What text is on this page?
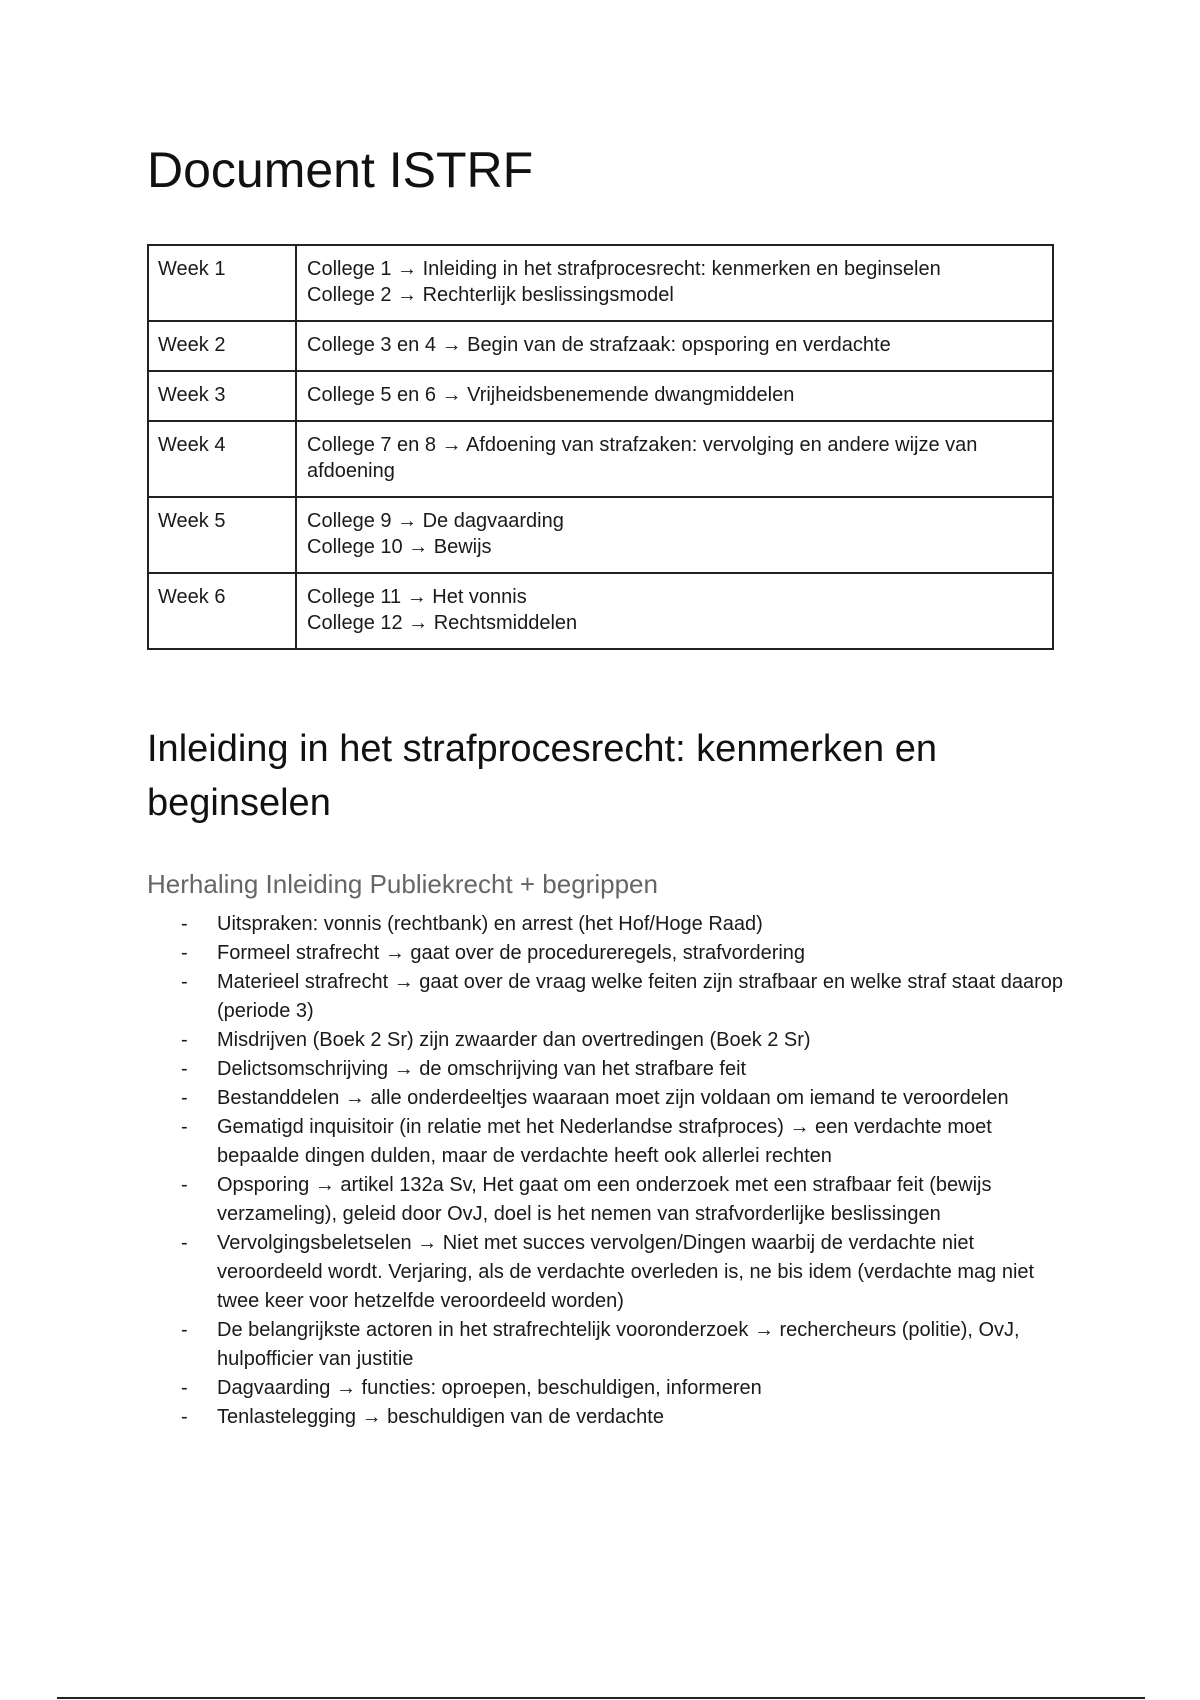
Document ISTRF
Week 1	College 1 → Inleiding in het strafprocesrecht: kenmerken en beginselen
College 2 → Rechterlijk beslissingsmodel

Week 2	College 3 en 4 → Begin van de strafzaak: opsporing en verdachte

Week 3	College 5 en 6 → Vrijheidsbenemende dwangmiddelen

Week 4	College 7 en 8 → Afdoening van strafzaken: vervolging en andere wijze van afdoening

Week 5	College 9 → De dagvaarding
College 10 → Bewijs

Week 6	College 11 → Het vonnis
College 12 → Rechtsmiddelen
Inleiding in het strafprocesrecht: kenmerken en beginselen
Herhaling Inleiding Publiekrecht + begrippen
- Uitspraken: vonnis (rechtbank) en arrest (het Hof/Hoge Raad)
- Formeel strafrecht → gaat over de procedureregels, strafvordering
- Materieel strafrecht → gaat over de vraag welke feiten zijn strafbaar en welke straf staat daarop (periode 3)
- Misdrijven (Boek 2 Sr) zijn zwaarder dan overtredingen (Boek 2 Sr)
- Delictsomschrijving → de omschrijving van het strafbare feit
- Bestanddelen → alle onderdeeltjes waaraan moet zijn voldaan om iemand te veroordelen
- Gematigd inquisitoir (in relatie met het Nederlandse strafproces) → een verdachte moet bepaalde dingen dulden, maar de verdachte heeft ook allerlei rechten
- Opsporing → artikel 132a Sv, Het gaat om een onderzoek met een strafbaar feit (bewijs verzameling), geleid door OvJ, doel is het nemen van strafvorderlijke beslissingen
- Vervolgingsbeletselen → Niet met succes vervolgen/Dingen waarbij de verdachte niet veroordeeld wordt. Verjaring, als de verdachte overleden is, ne bis idem (verdachte mag niet twee keer voor hetzelfde veroordeeld worden)
- De belangrijkste actoren in het strafrechtelijk vooronderzoek → rechercheurs (politie), OvJ, hulpofficier van justitie
- Dagvaarding → functies: oproepen, beschuldigen, informeren
- Tenlastelegging → beschuldigen van de verdachte
